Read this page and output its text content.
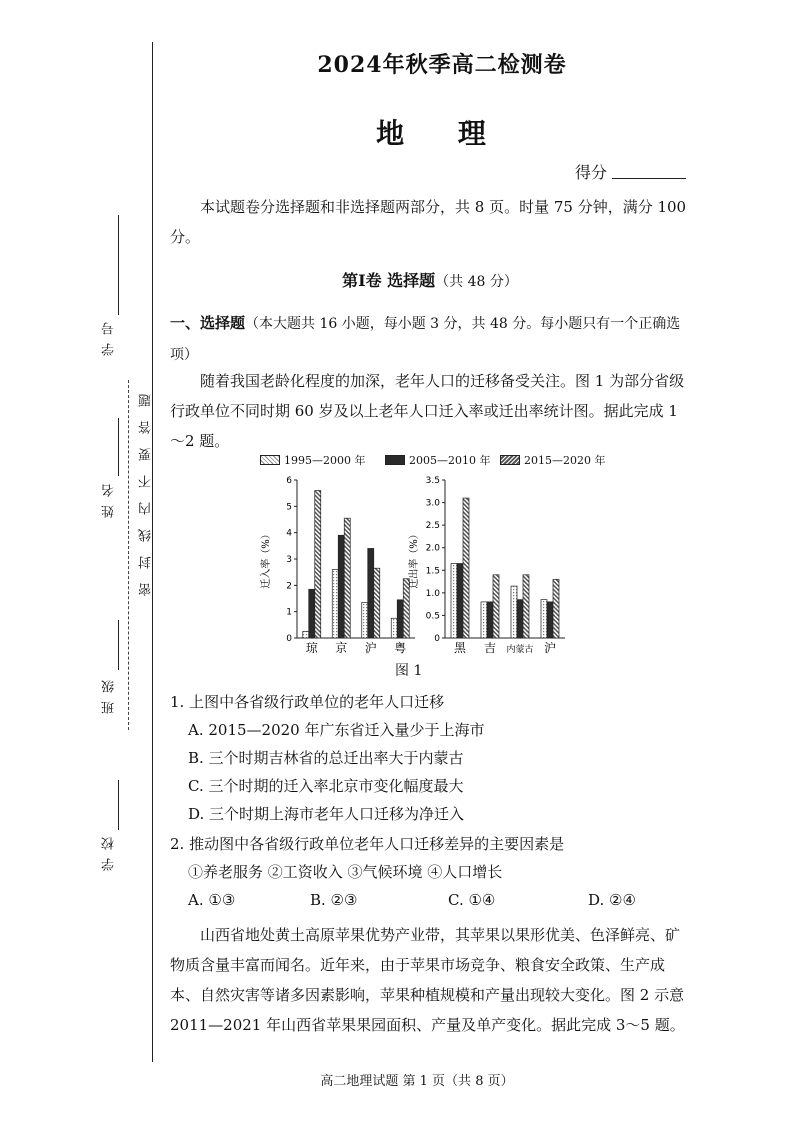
学 校
班 级
姓 名
学 号
密封线内不要答题
2024年秋季高二检测卷
地 理
得分
本试题卷分选择题和非选择题两部分，共 8 页。时量 75 分钟，满分 100 分。
第Ⅰ卷 选择题（共 48 分）
一、选择题（本大题共 16 小题，每小题 3 分，共 48 分。每小题只有一个正确选项）
随着我国老龄化程度的加深，老年人口的迁移备受关注。图 1 为部分省级行政单位不同时期 60 岁及以上老年人口迁入率或迁出率统计图。据此完成 1～2 题。
1995—2000 年	2005—2010 年	2015—2020 年
0
1
2
3
4
5
6
迁入率（%）
琼 京 沪 粤
0
0.5
1.0
1.5
2.0
2.5
3.0
3.5
迁出率（%）
黑 吉 内蒙古 沪
图 1
1. 上图中各省级行政单位的老年人口迁移
A. 2015—2020 年广东省迁入量少于上海市
B. 三个时期吉林省的总迁出率大于内蒙古
C. 三个时期的迁入率北京市变化幅度最大
D. 三个时期上海市老年人口迁移为净迁入
2. 推动图中各省级行政单位老年人口迁移差异的主要因素是
①养老服务 ②工资收入 ③气候环境 ④人口增长
A. ①③	B. ②③	C. ①④	D. ②④
山西省地处黄土高原苹果优势产业带，其苹果以果形优美、色泽鲜亮、矿物质含量丰富而闻名。近年来，由于苹果市场竞争、粮食安全政策、生产成本、自然灾害等诸多因素影响，苹果种植规模和产量出现较大变化。图 2 示意 2011—2021 年山西省苹果果园面积、产量及单产变化。据此完成 3～5 题。
高二地理试题 第 1 页（共 8 页）
